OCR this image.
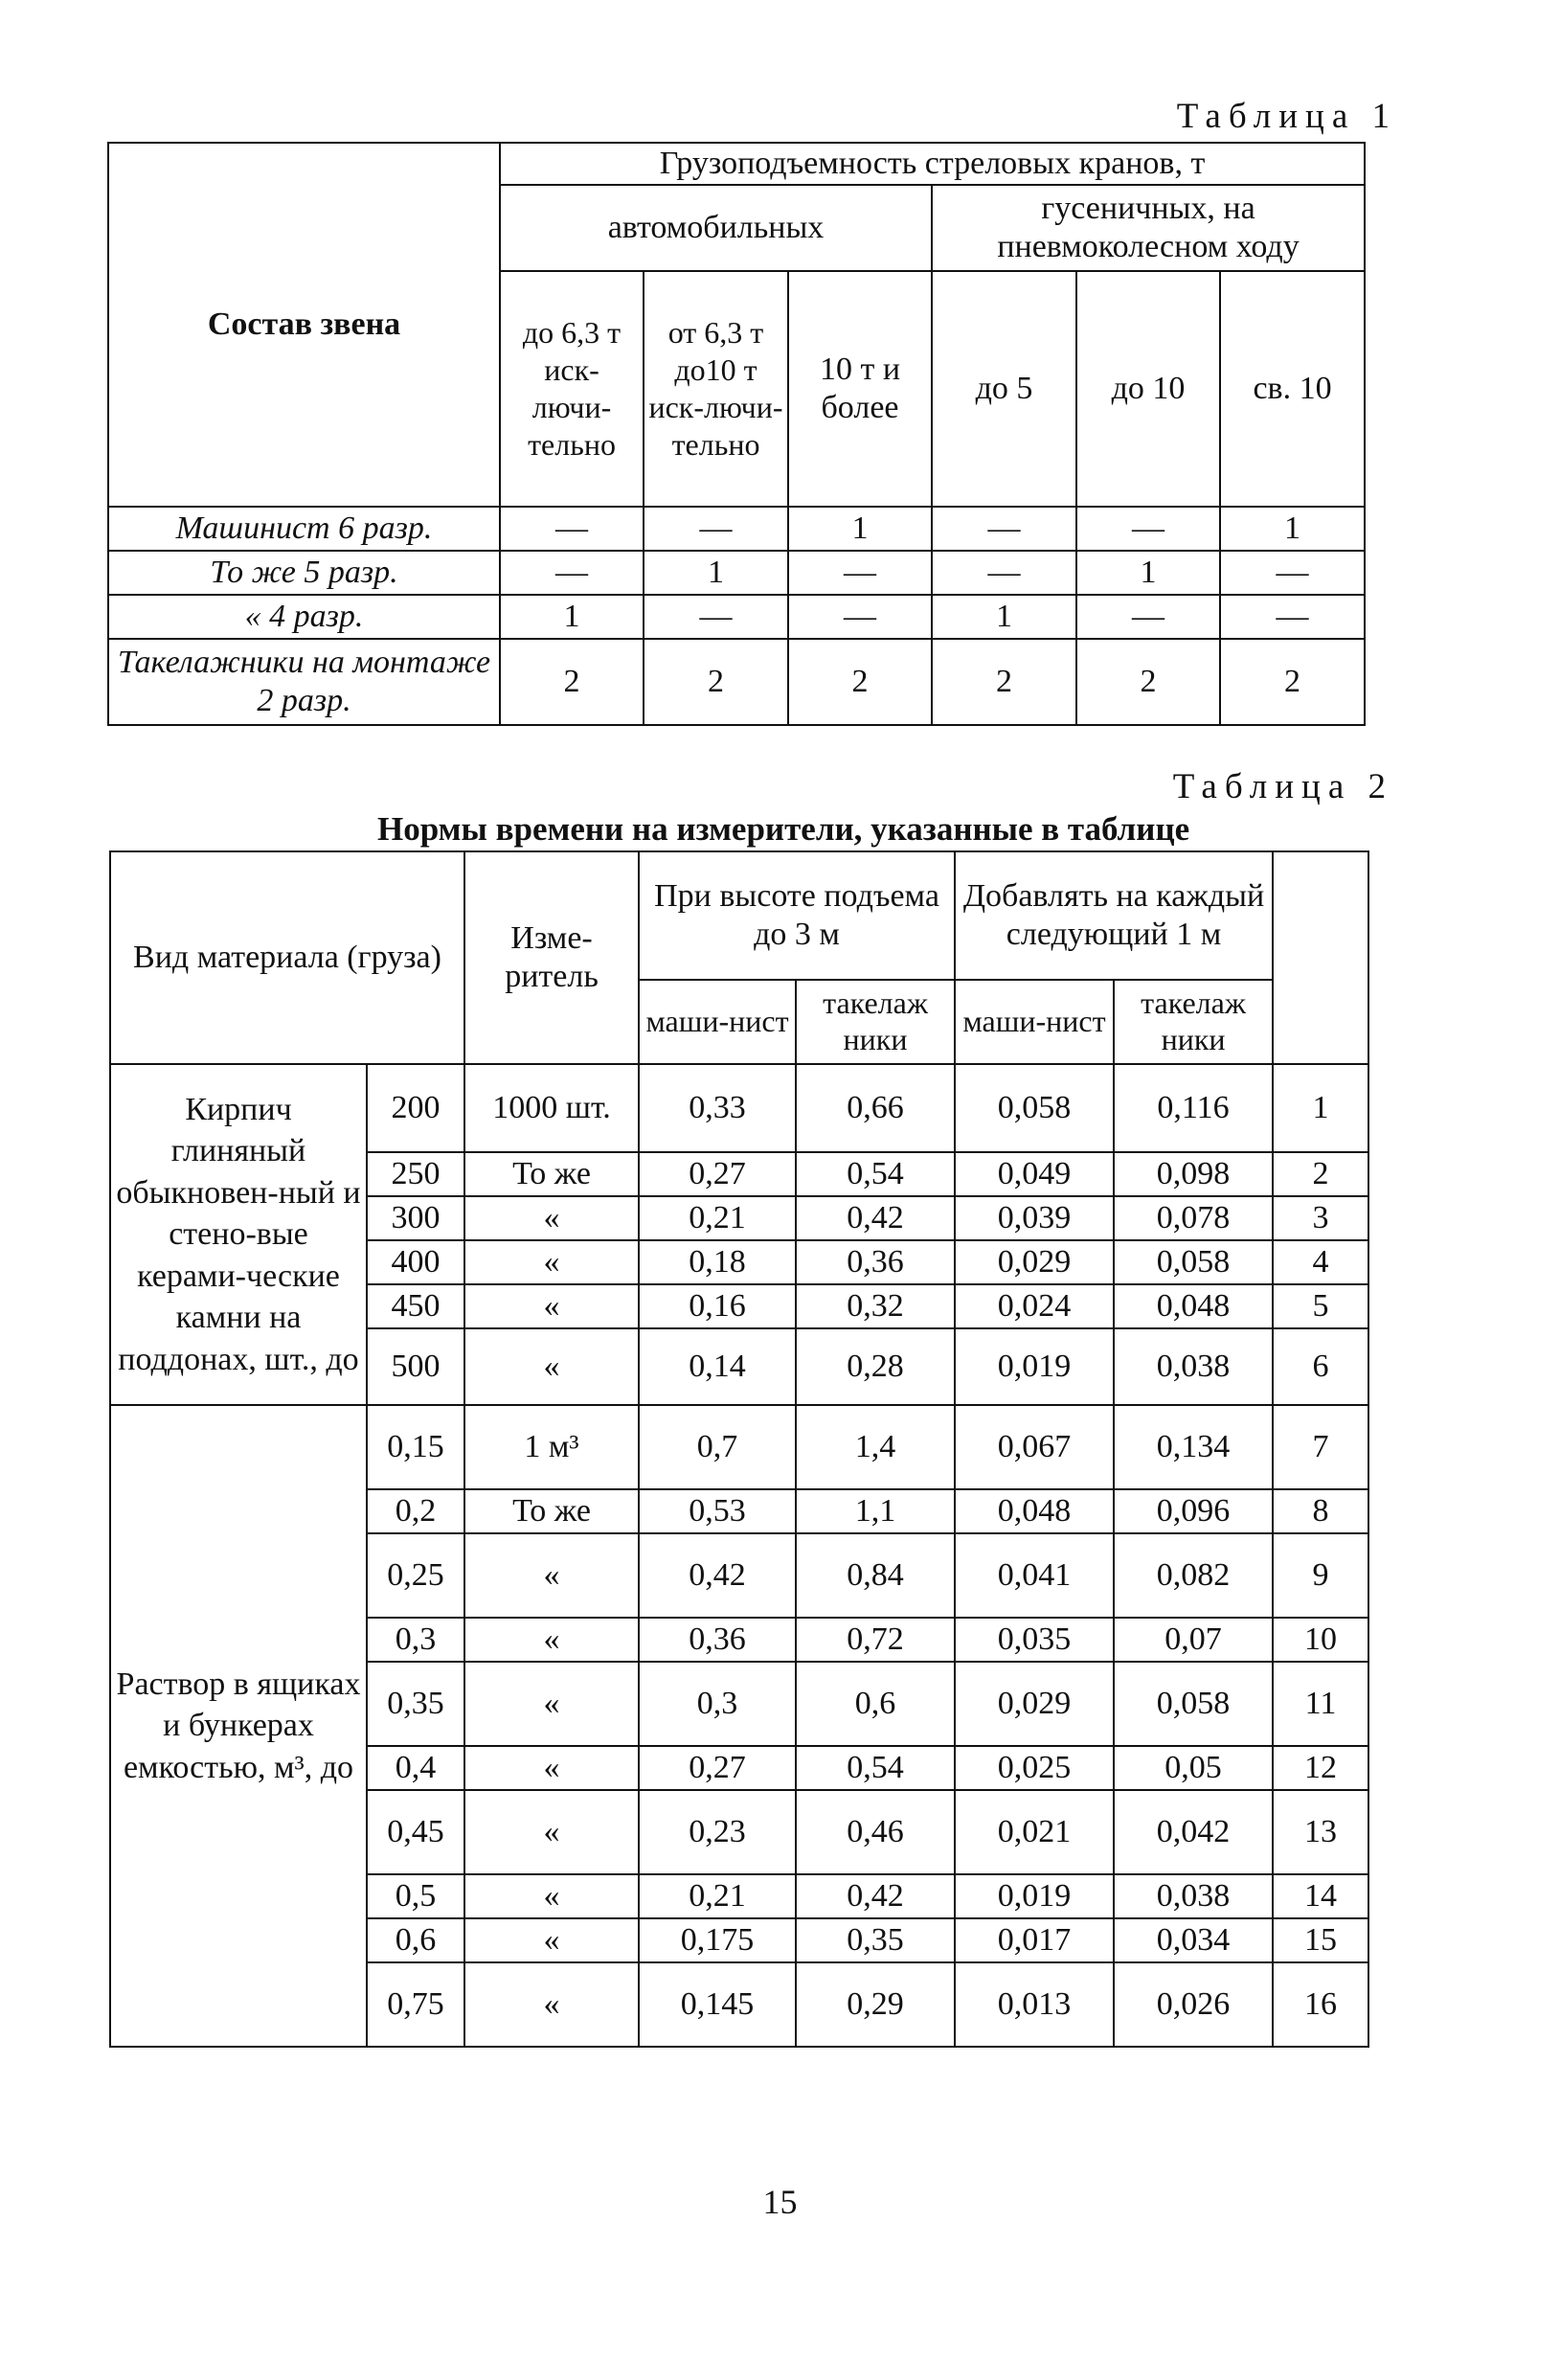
Таблица 1
Состав звена	Грузоподъемность стреловых кранов, т					
	автомобильных			гусеничных, на пневмоколесном ходу		
	до 6,3 т иск-лючи-тельно	от 6,3 т до10 т иск-лючи-тельно	10 т и более	до 5	до 10	св. 10
Машинист 6 разр.	—	—	1	—	—	1
То же 5 разр.	—	1	—	—	1	—
« 4 разр.	1	—	—	1	—	—
Такелажники на монтаже 2 разр.	2	2	2	2	2	2
Таблица 2
Нормы времени на измерители, указанные в таблице
Вид материала (груза)		Изме-ритель	При высоте подъема до 3 м		Добавлять на каждый следующий 1 м		
			маши-нист	такелаж ники	маши-нист	такелаж ники	
Кирпич глиняный обыкновен-ный и стено-вые керами-ческие камни на поддонах, шт., до	200	1000 шт.	0,33	0,66	0,058	0,116	1
	250	То же	0,27	0,54	0,049	0,098	2
	300	«	0,21	0,42	0,039	0,078	3
	400	«	0,18	0,36	0,029	0,058	4
	450	«	0,16	0,32	0,024	0,048	5
	500	«	0,14	0,28	0,019	0,038	6
Раствор в ящиках и бункерах емкостью, м³, до	0,15	1 м³	0,7	1,4	0,067	0,134	7
	0,2	То же	0,53	1,1	0,048	0,096	8
	0,25	«	0,42	0,84	0,041	0,082	9
	0,3	«	0,36	0,72	0,035	0,07	10
	0,35	«	0,3	0,6	0,029	0,058	11
	0,4	«	0,27	0,54	0,025	0,05	12
	0,45	«	0,23	0,46	0,021	0,042	13
	0,5	«	0,21	0,42	0,019	0,038	14
	0,6	«	0,175	0,35	0,017	0,034	15
	0,75	«	0,145	0,29	0,013	0,026	16
15
